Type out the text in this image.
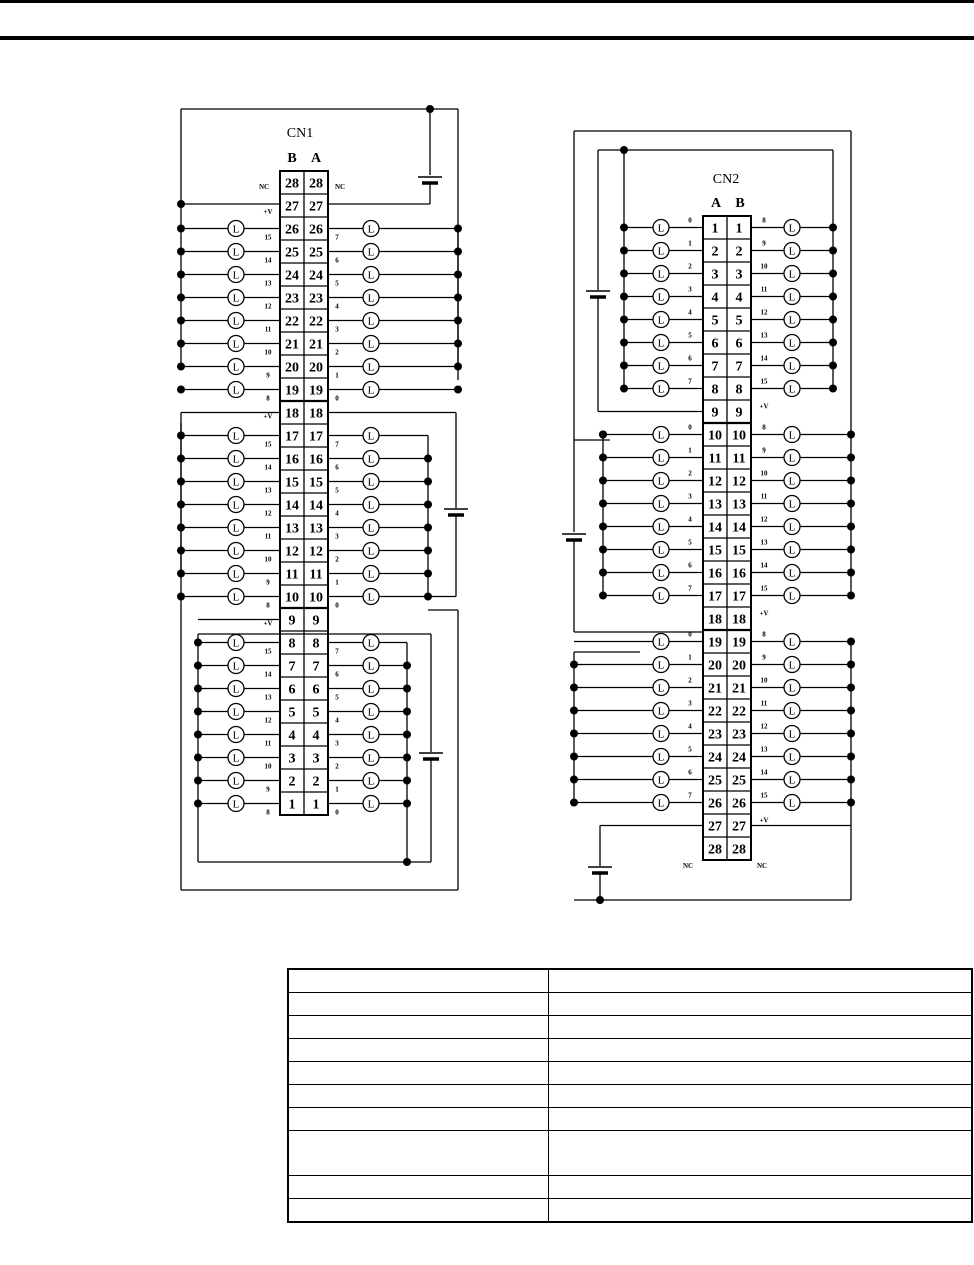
28 28
27 27
26 26
25 25
24 24
23 23
22 22
21 21
20 20
19 19
18 18
17 17
16 16
15 15
14 14
13 13
12 12
11 11
10 10
9 9
8 8
7 7
6 6
5 5
4 4
3 3
2 2
1 1
CN1
B A
NC	NC
+V
L
15
L
7
L
14
L
6
L
13
L
5
L
12
L
4
L
11
L
3
L
10
L
2
L
9
L
1
L
8
L
0
+V
L
15
L
7
L
14
L
6
L
13
L
5
L
12
L
4
L
11
L
3
L
10
L
2
L
9
L
1
L
8
L
0
+V
L
15
L
7
L
14
L
6
L
13
L
5
L
12
L
4
L
11
L
3
L
10
L
2
L
9
L
1
L
8
L
0
1 1
2 2
3 3
4 4
5 5
6 6
7 7
8 8
9 9
10 10
11 11
12 12
13 13
14 14
15 15
16 16
17 17
18 18
19 19
20 20
21 21
22 22
23 23
24 24
25 25
26 26
27 27
28 28
CN2
A B
NC	NC
L
0
L
8
L
1
L
9
L
2
L
10
L
3
L
11
L
4
L
12
L
5
L
13
L
6
L
14
L
7
L
15
+V
L
0
L
8
L
1
L
9
L
2
L
10
L
3
L
11
L
4
L
12
L
5
L
13
L
6
L
14
L
7
L
15
+V
L
0
L
8
L
1
L
9
L
2
L
10
L
3
L
11
L
4
L
12
L
5
L
13
L
6
L
14
L
7
L
15
+V
